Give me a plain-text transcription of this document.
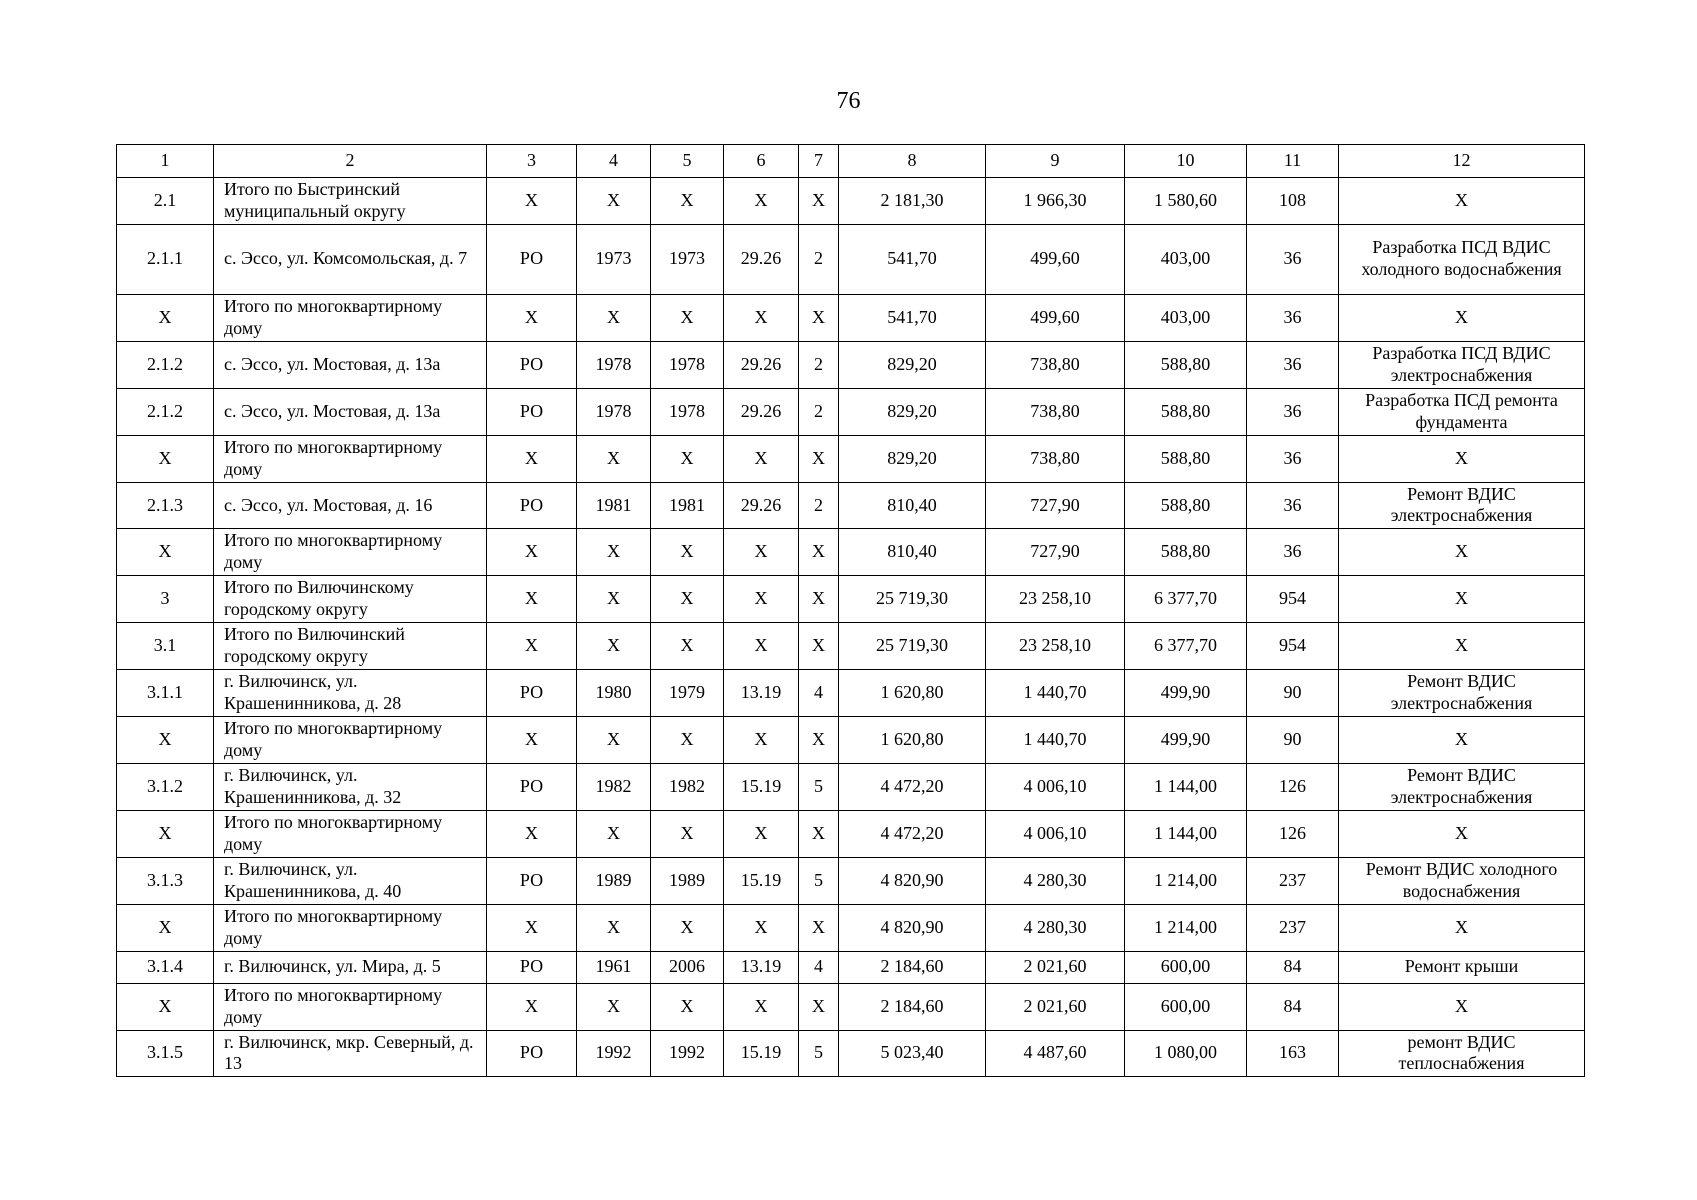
76
1	2	3	4	5	6	7	8	9	10	11	12
2.1	Итого по Быстринский муниципальный округу	X	X	X	X	X	2 181,30	1 966,30	1 580,60	108	X
2.1.1	с. Эссо, ул. Комсомольская, д. 7	РО	1973	1973	29.26	2	541,70	499,60	403,00	36	Разработка ПСД ВДИС холодного водоснабжения
X	Итого по многоквартирному дому	X	X	X	X	X	541,70	499,60	403,00	36	X
2.1.2	с. Эссо, ул. Мостовая, д. 13а	РО	1978	1978	29.26	2	829,20	738,80	588,80	36	Разработка ПСД ВДИС электроснабжения
2.1.2	с. Эссо, ул. Мостовая, д. 13а	РО	1978	1978	29.26	2	829,20	738,80	588,80	36	Разработка ПСД ремонта фундамента
X	Итого по многоквартирному дому	X	X	X	X	X	829,20	738,80	588,80	36	X
2.1.3	с. Эссо, ул. Мостовая, д. 16	РО	1981	1981	29.26	2	810,40	727,90	588,80	36	Ремонт ВДИС электроснабжения
X	Итого по многоквартирному дому	X	X	X	X	X	810,40	727,90	588,80	36	X
3	Итого по Вилючинскому городскому округу	X	X	X	X	X	25 719,30	23 258,10	6 377,70	954	X
3.1	Итого по Вилючинский городскому округу	X	X	X	X	X	25 719,30	23 258,10	6 377,70	954	X
3.1.1	г. Вилючинск, ул. Крашенинникова, д. 28	РО	1980	1979	13.19	4	1 620,80	1 440,70	499,90	90	Ремонт ВДИС электроснабжения
X	Итого по многоквартирному дому	X	X	X	X	X	1 620,80	1 440,70	499,90	90	X
3.1.2	г. Вилючинск, ул. Крашенинникова, д. 32	РО	1982	1982	15.19	5	4 472,20	4 006,10	1 144,00	126	Ремонт ВДИС электроснабжения
X	Итого по многоквартирному дому	X	X	X	X	X	4 472,20	4 006,10	1 144,00	126	X
3.1.3	г. Вилючинск, ул. Крашенинникова, д. 40	РО	1989	1989	15.19	5	4 820,90	4 280,30	1 214,00	237	Ремонт ВДИС холодного водоснабжения
X	Итого по многоквартирному дому	X	X	X	X	X	4 820,90	4 280,30	1 214,00	237	X
3.1.4	г. Вилючинск, ул. Мира, д. 5	РО	1961	2006	13.19	4	2 184,60	2 021,60	600,00	84	Ремонт крыши
X	Итого по многоквартирному дому	X	X	X	X	X	2 184,60	2 021,60	600,00	84	X
3.1.5	г. Вилючинск, мкр. Северный, д. 13	РО	1992	1992	15.19	5	5 023,40	4 487,60	1 080,00	163	ремонт ВДИС теплоснабжения
